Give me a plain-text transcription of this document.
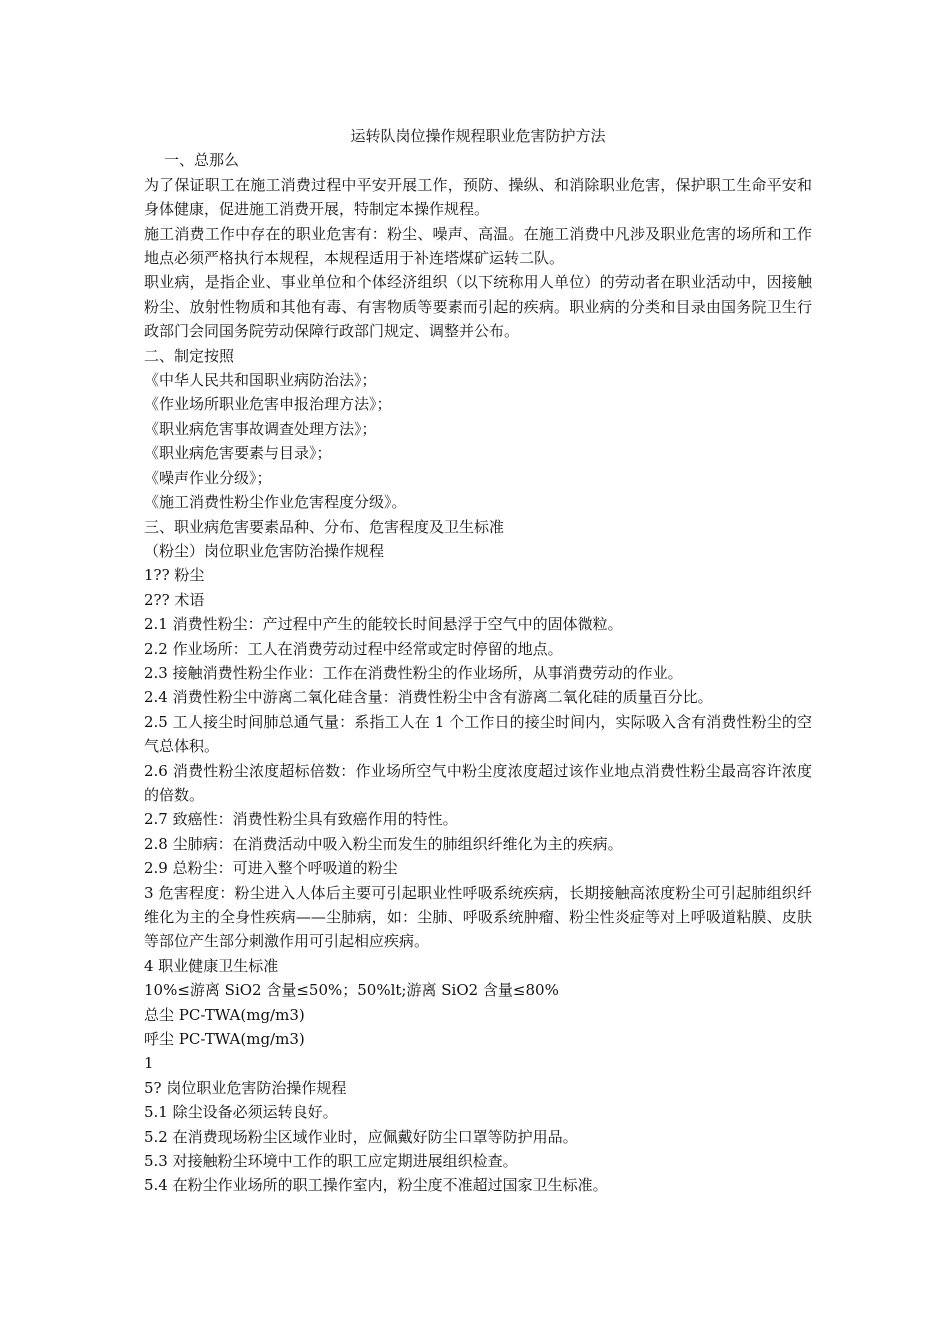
运转队岗位操作规程职业危害防护方法

一、总那么

为了保证职工在施工消费过程中平安开展工作，预防、操纵、和消除职业危害，保护职工生命平安和身体健康，促进施工消费开展，特制定本操作规程。

施工消费工作中存在的职业危害有：粉尘、噪声、高温。在施工消费中凡涉及职业危害的场所和工作地点必须严格执行本规程，本规程适用于补连塔煤矿运转二队。

职业病，是指企业、事业单位和个体经济组织（以下统称用人单位）的劳动者在职业活动中，因接触粉尘、放射性物质和其他有毒、有害物质等要素而引起的疾病。职业病的分类和目录由国务院卫生行政部门会同国务院劳动保障行政部门规定、调整并公布。

二、制定按照

《中华人民共和国职业病防治法》；

《作业场所职业危害申报治理方法》；

《职业病危害事故调查处理方法》；

《职业病危害要素与目录》；

《噪声作业分级》；

《施工消费性粉尘作业危害程度分级》。

三、职业病危害要素品种、分布、危害程度及卫生标准

（粉尘）岗位职业危害防治操作规程

1?? 粉尘

2?? 术语

2.1 消费性粉尘：产过程中产生的能较长时间悬浮于空气中的固体微粒。

2.2 作业场所：工人在消费劳动过程中经常或定时停留的地点。

2.3 接触消费性粉尘作业：工作在消费性粉尘的作业场所，从事消费劳动的作业。

2.4 消费性粉尘中游离二氧化硅含量：消费性粉尘中含有游离二氧化硅的质量百分比。

2.5 工人接尘时间肺总通气量：系指工人在 1 个工作日的接尘时间内，实际吸入含有消费性粉尘的空气总体积。

2.6 消费性粉尘浓度超标倍数：作业场所空气中粉尘度浓度超过该作业地点消费性粉尘最高容许浓度的倍数。

2.7 致癌性：消费性粉尘具有致癌作用的特性。

2.8 尘肺病：在消费活动中吸入粉尘而发生的肺组织纤维化为主的疾病。

2.9 总粉尘：可进入整个呼吸道的粉尘

3 危害程度：粉尘进入人体后主要可引起职业性呼吸系统疾病，长期接触高浓度粉尘可引起肺组织纤维化为主的全身性疾病——尘肺病，如：尘肺、呼吸系统肿瘤、粉尘性炎症等对上呼吸道粘膜、皮肤等部位产生部分刺激作用可引起相应疾病。

4 职业健康卫生标准

10%≤游离 SiO2 含量≤50%；50%lt;游离 SiO2 含量≤80%

总尘 PC-TWA(mg/m3)

呼尘 PC-TWA(mg/m3)

1

5? 岗位职业危害防治操作规程

5.1 除尘设备必须运转良好。

5.2 在消费现场粉尘区域作业时，应佩戴好防尘口罩等防护用品。

5.3 对接触粉尘环境中工作的职工应定期进展组织检查。

5.4 在粉尘作业场所的职工操作室内，粉尘度不准超过国家卫生标准。
